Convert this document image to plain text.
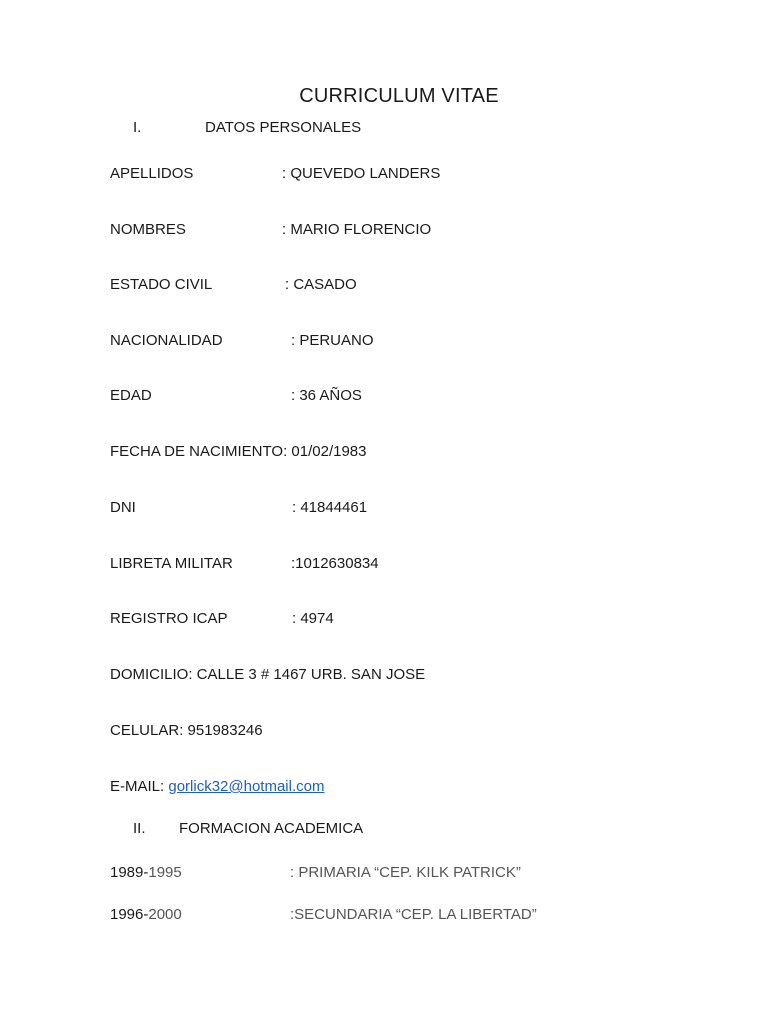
CURRICULUM VITAE
I.	DATOS PERSONALES
APELLIDOS	: QUEVEDO LANDERS
NOMBRES	: MARIO FLORENCIO
ESTADO CIVIL	: CASADO
NACIONALIDAD	: PERUANO
EDAD	: 36 AÑOS
FECHA DE NACIMIENTO: 01/02/1983
DNI	: 41844461
LIBRETA MILITAR	:1012630834
REGISTRO ICAP	: 4974
DOMICILIO: CALLE 3 # 1467 URB. SAN JOSE
CELULAR: 951983246
E-MAIL: gorlick32@hotmail.com
II. FORMACION ACADEMICA
1989-1995	: PRIMARIA “CEP. KILK PATRICK”
1996-2000	:SECUNDARIA “CEP. LA LIBERTAD”
